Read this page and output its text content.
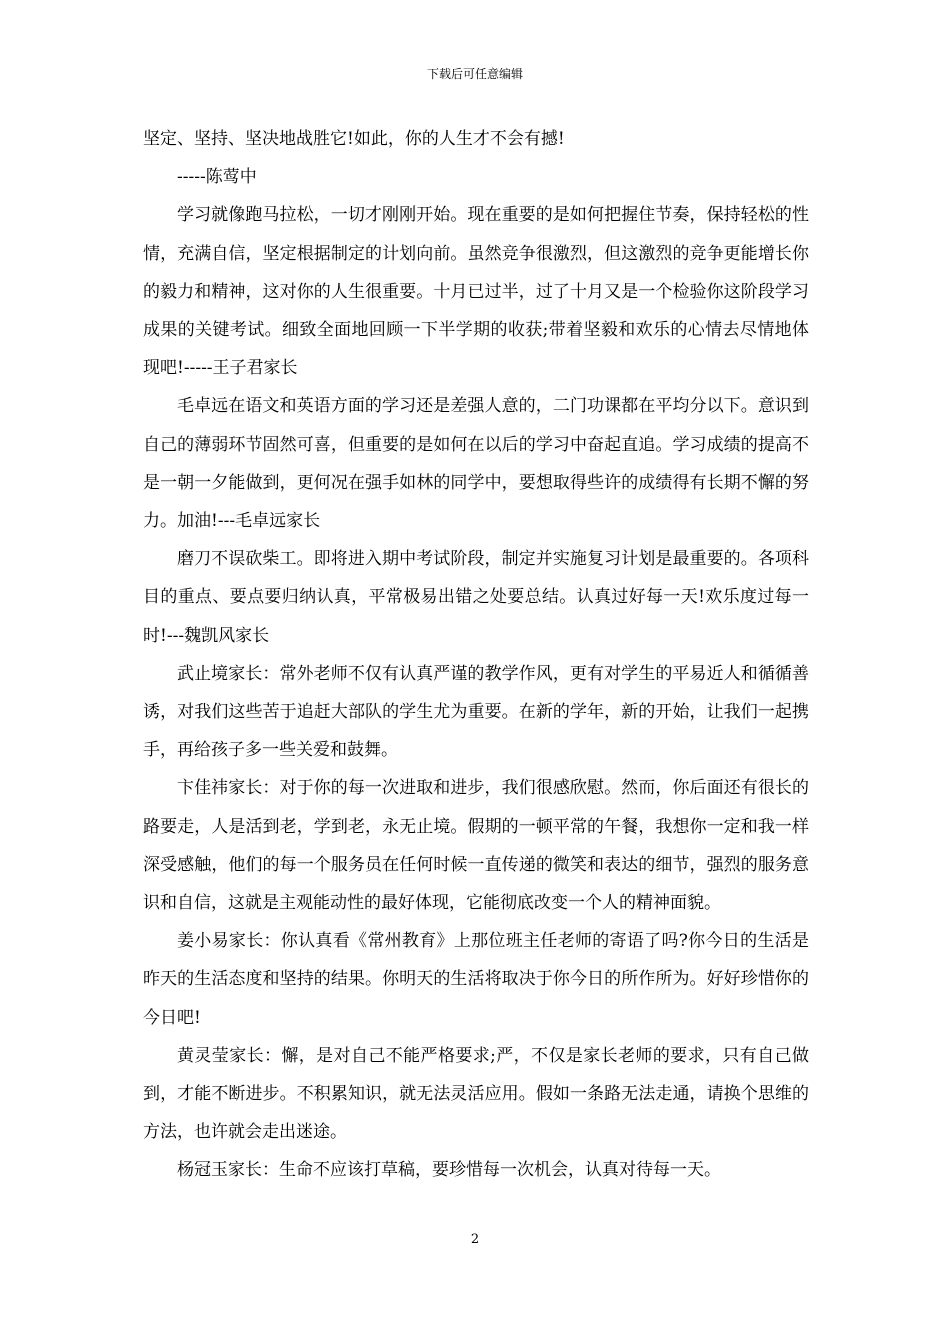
下载后可任意编辑

坚定、坚持、坚决地战胜它!如此，你的人生才不会有撼!

-----陈莺中

学习就像跑马拉松，一切才刚刚开始。现在重要的是如何把握住节奏，保持轻松的性情，充满自信，坚定根据制定的计划向前。虽然竞争很激烈，但这激烈的竞争更能增长你的毅力和精神，这对你的人生很重要。十月已过半，过了十月又是一个检验你这阶段学习成果的关键考试。细致全面地回顾一下半学期的收获;带着坚毅和欢乐的心情去尽情地体现吧!-----王子君家长

毛卓远在语文和英语方面的学习还是差强人意的，二门功课都在平均分以下。意识到自己的薄弱环节固然可喜，但重要的是如何在以后的学习中奋起直追。学习成绩的提高不是一朝一夕能做到，更何况在强手如林的同学中，要想取得些许的成绩得有长期不懈的努力。加油!---毛卓远家长

磨刀不误砍柴工。即将进入期中考试阶段，制定并实施复习计划是最重要的。各项科目的重点、要点要归纳认真，平常极易出错之处要总结。认真过好每一天!欢乐度过每一时!---魏凯风家长

武止境家长：常外老师不仅有认真严谨的教学作风，更有对学生的平易近人和循循善诱，对我们这些苦于追赶大部队的学生尤为重要。在新的学年，新的开始，让我们一起携手，再给孩子多一些关爱和鼓舞。

卞佳祎家长：对于你的每一次进取和进步，我们很感欣慰。然而，你后面还有很长的路要走，人是活到老，学到老，永无止境。假期的一顿平常的午餐，我想你一定和我一样深受感触，他们的每一个服务员在任何时候一直传递的微笑和表达的细节，强烈的服务意识和自信，这就是主观能动性的最好体现，它能彻底改变一个人的精神面貌。

姜小易家长：你认真看《常州教育》上那位班主任老师的寄语了吗?你今日的生活是昨天的生活态度和坚持的结果。你明天的生活将取决于你今日的所作所为。好好珍惜你的今日吧!

黄灵莹家长：懈，是对自己不能严格要求;严，不仅是家长老师的要求，只有自己做到，才能不断进步。不积累知识，就无法灵活应用。假如一条路无法走通，请换个思维的方法，也许就会走出迷途。

杨冠玉家长：生命不应该打草稿，要珍惜每一次机会，认真对待每一天。

2
